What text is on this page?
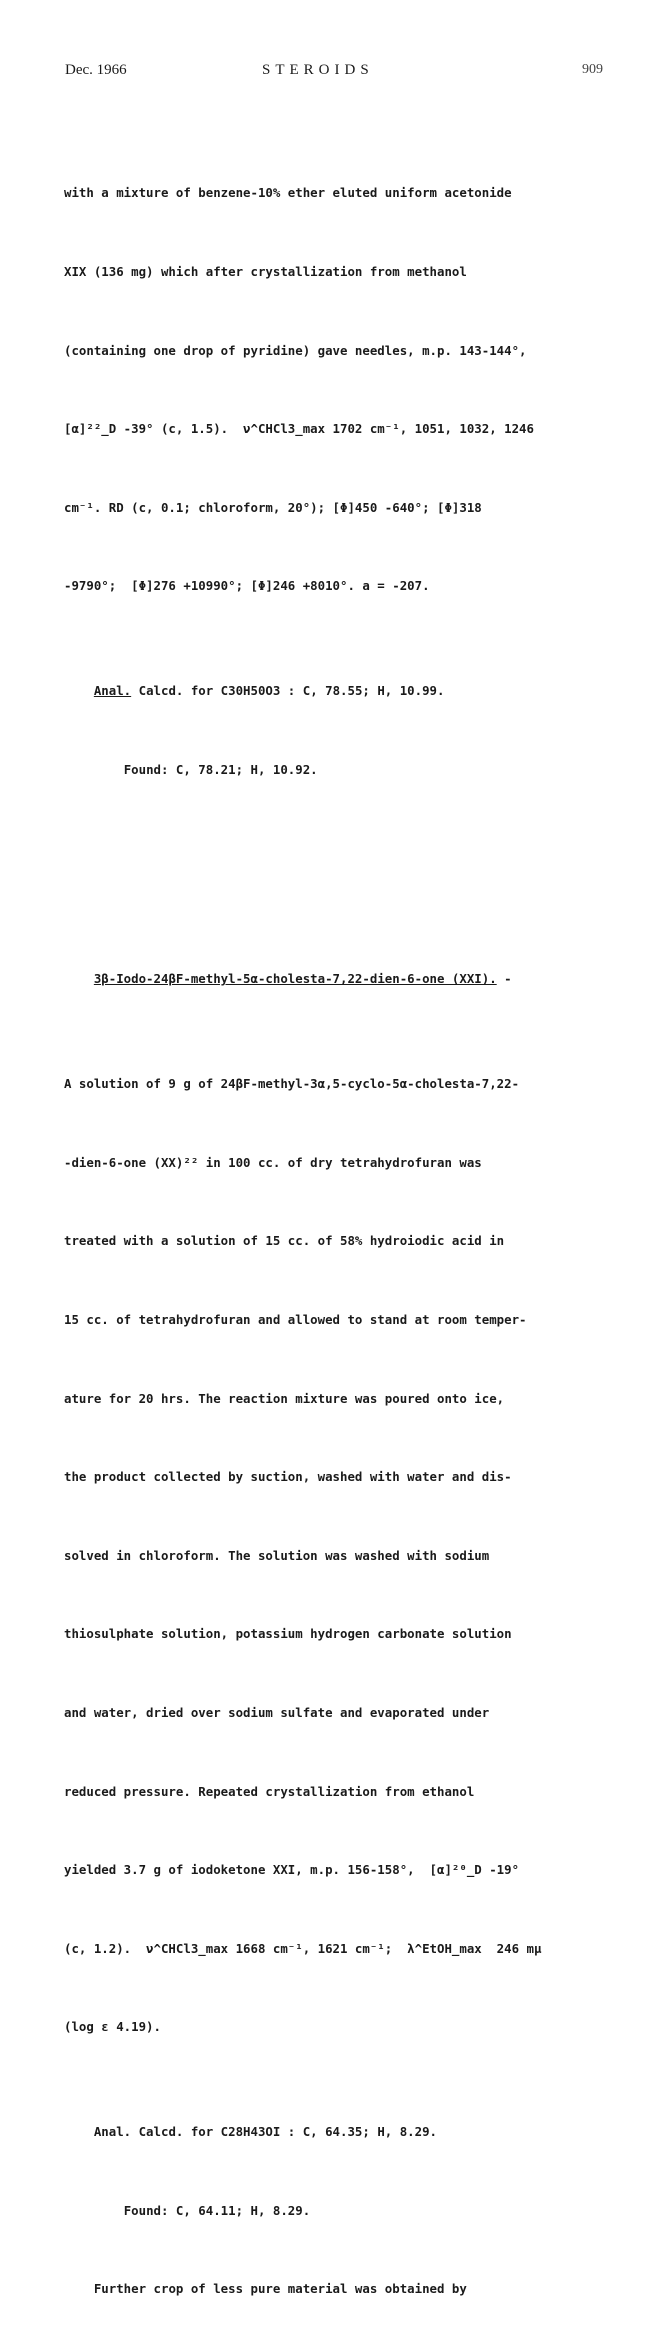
Dec. 1966	STEROIDS	909

with a mixture of benzene-10% ether eluted uniform acetonide

XIX (136 mg) which after crystallization from methanol

(containing one drop of pyridine) gave needles, m.p. 143-144°,

[α]²²_D -39° (c, 1.5).  ν^CHCl3_max 1702 cm⁻¹, 1051, 1032, 1246

cm⁻¹. RD (c, 0.1; chloroform, 20°); [Φ]450 -640°; [Φ]318

-9790°;  [Φ]276 +10990°; [Φ]246 +8010°. a = -207.

Anal. Calcd. for C30H50O3 : C, 78.55; H, 10.99.

Found: C, 78.21; H, 10.92.

3β-Iodo-24βF-methyl-5α-cholesta-7,22-dien-6-one (XXI). -

A solution of 9 g of 24βF-methyl-3α,5-cyclo-5α-cholesta-7,22-

-dien-6-one (XX)²² in 100 cc. of dry tetrahydrofuran was

treated with a solution of 15 cc. of 58% hydroiodic acid in

15 cc. of tetrahydrofuran and allowed to stand at room temper-

ature for 20 hrs. The reaction mixture was poured onto ice,

the product collected by suction, washed with water and dis-

solved in chloroform. The solution was washed with sodium

thiosulphate solution, potassium hydrogen carbonate solution

and water, dried over sodium sulfate and evaporated under

reduced pressure. Repeated crystallization from ethanol

yielded 3.7 g of iodoketone XXI, m.p. 156-158°,  [α]²⁰_D -19°

(c, 1.2).  ν^CHCl3_max 1668 cm⁻¹, 1621 cm⁻¹;  λ^EtOH_max  246 mμ

(log ε 4.19).

Anal. Calcd. for C28H43OI : C, 64.35; H, 8.29.

Found: C, 64.11; H, 8.29.

Further crop of less pure material was obtained by
